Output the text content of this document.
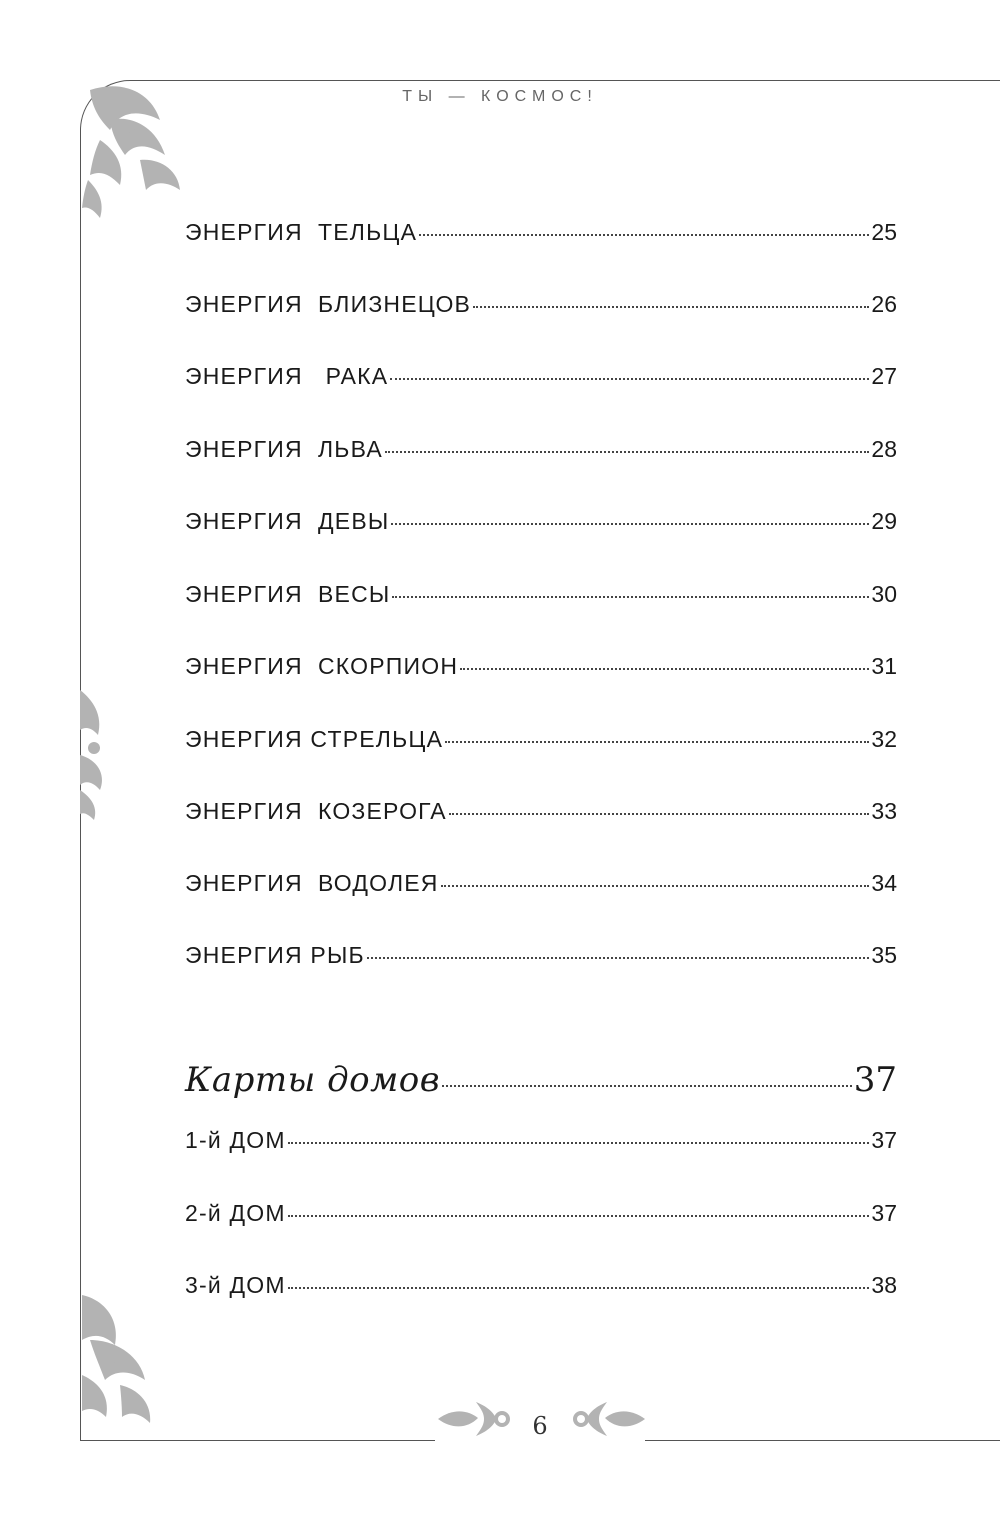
ТЫ — КОСМОС!
ЭНЕРГИЯ  ТЕЛЬЦА	25
ЭНЕРГИЯ  БЛИЗНЕЦОВ	26
ЭНЕРГИЯ   РАКА	27
ЭНЕРГИЯ  ЛЬВА	28
ЭНЕРГИЯ  ДЕВЫ	29
ЭНЕРГИЯ  ВЕСЫ	30
ЭНЕРГИЯ  СКОРПИОН	31
ЭНЕРГИЯ СТРЕЛЬЦА	32
ЭНЕРГИЯ  КОЗЕРОГА	33
ЭНЕРГИЯ  ВОДОЛЕЯ	34
ЭНЕРГИЯ РЫБ	35
Карты домов	37
1-й ДОМ	37
2-й ДОМ	37
3-й ДОМ	38
6
